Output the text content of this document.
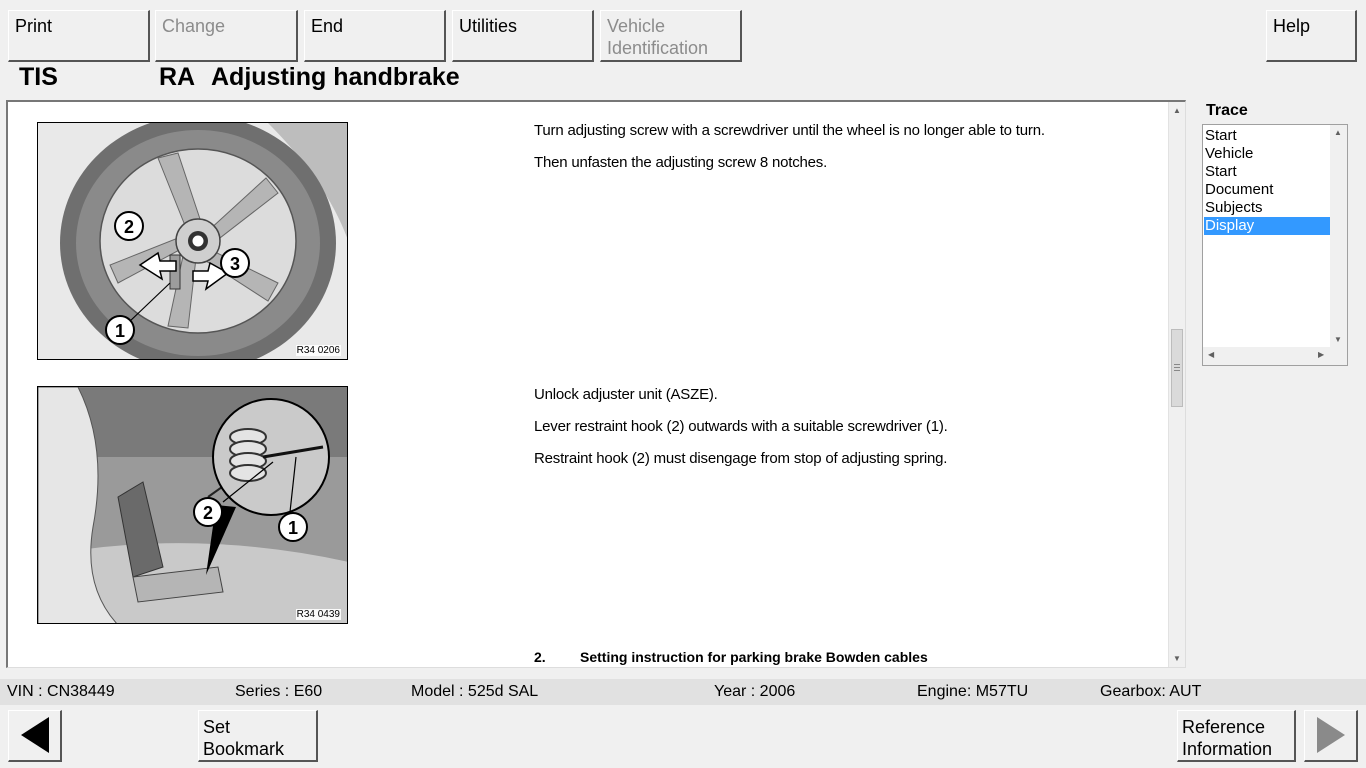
Print	Change	End	Utilities	Vehicle
Identification
Help
TIS	RA Adjusting handbrake
1
2
3
R34 0206

Turn adjusting screw with a screwdriver until the wheel is no longer able to turn.

Then unfasten the adjusting screw 8 notches.

2
1
R34 0439

Unlock adjuster unit (ASZE).

Lever restraint hook (2) outwards with a suitable screwdriver (1).

Restraint hook (2) must disengage from stop of adjusting spring.

2. Setting instruction for parking brake Bowden cables
▲
▼
Trace
Start
Vehicle
Start
Document
Subjects
Display
▲
▼
◀	▶
VIN : CN38449	Series : E60	Model : 525d SAL	Year : 2006	Engine: M57TU	Gearbox: AUT
Set
Bookmark
Reference
Information
